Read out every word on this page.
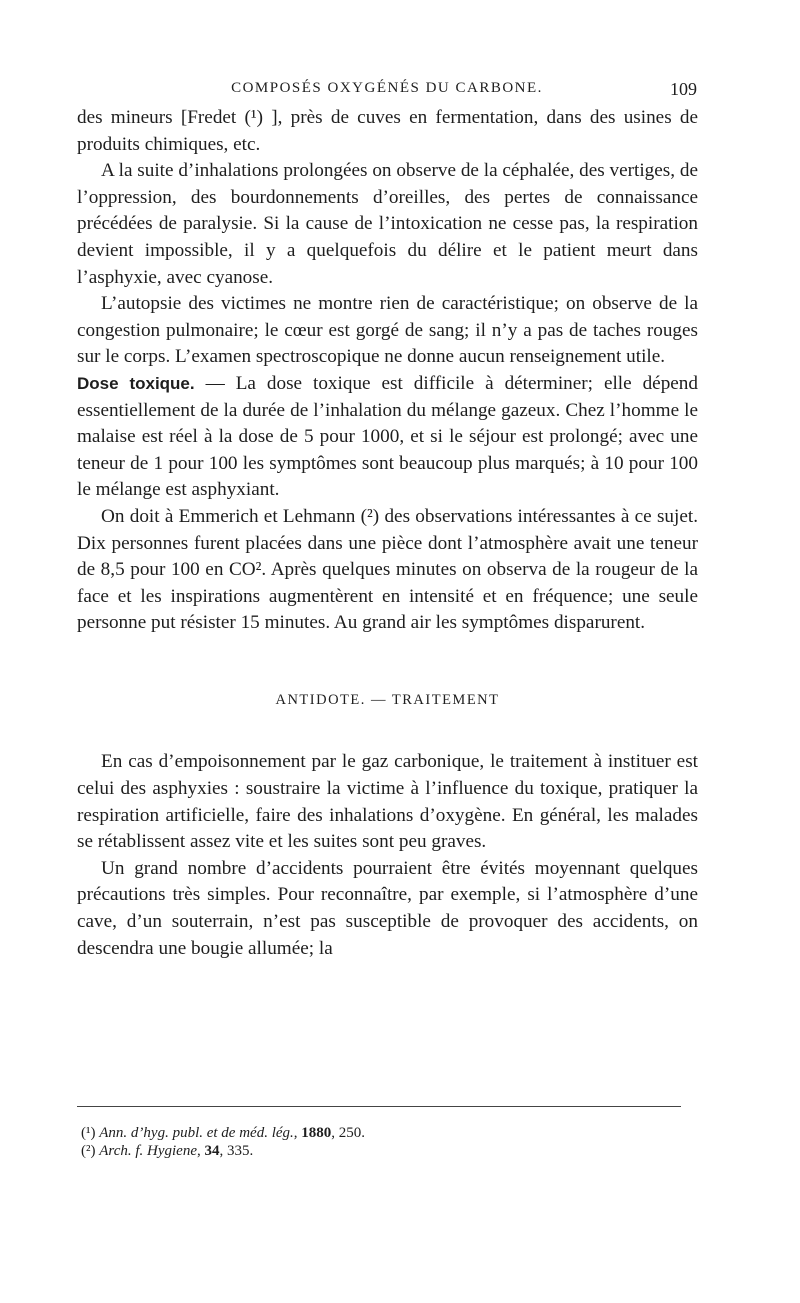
COMPOSÉS OXYGÉNÉS DU CARBONE.	109

des mineurs [Fredet (¹) ], près de cuves en fermentation, dans des usines de produits chimiques, etc.

A la suite d’inhalations prolongées on observe de la céphalée, des vertiges, de l’oppression, des bourdonnements d’oreilles, des pertes de connaissance précédées de paralysie. Si la cause de l’intoxication ne cesse pas, la respiration devient impossible, il y a quelquefois du délire et le patient meurt dans l’asphyxie, avec cyanose.

L’autopsie des victimes ne montre rien de caractéristique; on observe de la congestion pulmonaire; le cœur est gorgé de sang; il n’y a pas de taches rouges sur le corps. L’examen spectroscopique ne donne aucun renseignement utile.

Dose toxique. — La dose toxique est difficile à déterminer; elle dépend essentiellement de la durée de l’inhalation du mélange gazeux. Chez l’homme le malaise est réel à la dose de 5 pour 1000, et si le séjour est prolongé; avec une teneur de 1 pour 100 les symptômes sont beaucoup plus marqués; à 10 pour 100 le mélange est asphyxiant.

On doit à Emmerich et Lehmann (²) des observations intéressantes à ce sujet. Dix personnes furent placées dans une pièce dont l’atmosphère avait une teneur de 8,5 pour 100 en CO². Après quelques minutes on observa de la rougeur de la face et les inspirations augmentèrent en intensité et en fréquence; une seule personne put résister 15 minutes. Au grand air les symptômes disparurent.

ANTIDOTE. — TRAITEMENT

En cas d’empoisonnement par le gaz carbonique, le traitement à instituer est celui des asphyxies : soustraire la victime à l’influence du toxique, pratiquer la respiration artificielle, faire des inhalations d’oxygène. En général, les malades se rétablissent assez vite et les suites sont peu graves.

Un grand nombre d’accidents pourraient être évités moyennant quelques précautions très simples. Pour reconnaître, par exemple, si l’atmosphère d’une cave, d’un souterrain, n’est pas susceptible de provoquer des accidents, on descendra une bougie allumée; la

(¹) Ann. d’hyg. publ. et de méd. lég., 1880, 250.
(²) Arch. f. Hygiene, 34, 335.
